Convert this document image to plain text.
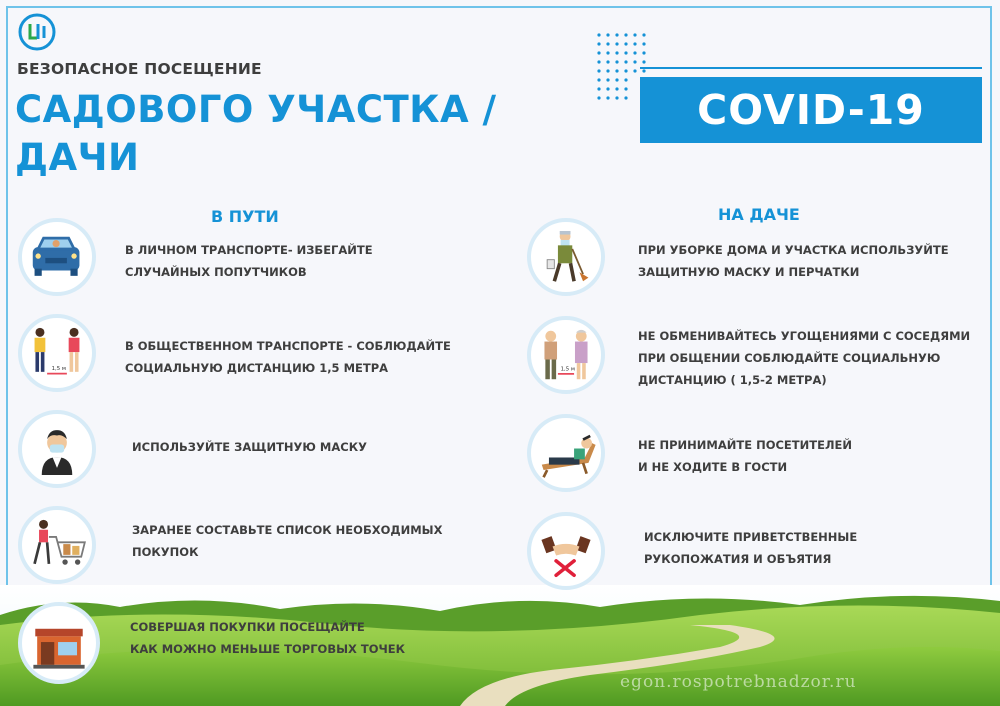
БЕЗОПАСНОЕ ПОСЕЩЕНИЕ
САДОВОГО УЧАСТКА /
ДАЧИ
COVID-19
В ПУТИ	НА ДАЧЕ
В ЛИЧНОМ ТРАНСПОРТЕ- ИЗБЕГАЙТЕ
СЛУЧАЙНЫХ ПОПУТЧИКОВ
1,5 м
В ОБЩЕСТВЕННОМ ТРАНСПОРТЕ - СОБЛЮДАЙТЕ
СОЦИАЛЬНУЮ ДИСТАНЦИЮ 1,5 МЕТРА
ИСПОЛЬЗУЙТЕ ЗАЩИТНУЮ МАСКУ
ЗАРАНЕЕ СОСТАВЬТЕ СПИСОК НЕОБХОДИМЫХ
ПОКУПОК
СОВЕРШАЯ ПОКУПКИ ПОСЕЩАЙТЕ
КАК МОЖНО МЕНЬШЕ ТОРГОВЫХ ТОЧЕК
ПРИ УБОРКЕ ДОМА И УЧАСТКА ИСПОЛЬЗУЙТЕ
ЗАЩИТНУЮ МАСКУ И ПЕРЧАТКИ
1,5 м
НЕ ОБМЕНИВАЙТЕСЬ УГОЩЕНИЯМИ С СОСЕДЯМИ
ПРИ ОБЩЕНИИ СОБЛЮДАЙТЕ СОЦИАЛЬНУЮ
ДИСТАНЦИЮ ( 1,5-2 МЕТРА)
НЕ ПРИНИМАЙТЕ ПОСЕТИТЕЛЕЙ
И НЕ ХОДИТЕ В ГОСТИ
ИСКЛЮЧИТЕ ПРИВЕТСТВЕННЫЕ
РУКОПОЖАТИЯ И ОБЪЯТИЯ
egon.rospotrebnadzor.ru
